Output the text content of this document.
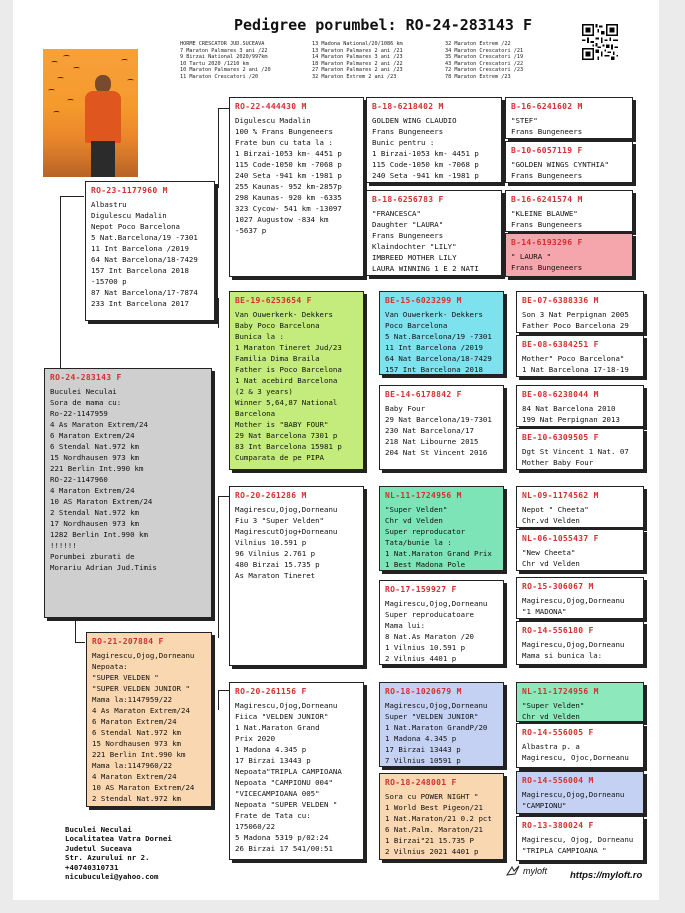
Pedigree porumbel: RO-24-283143 F
HORME CRESCATOR JUD.SUCEAVA
7 Maraton Palmares 3 ani /22
9 Birzai National 2020/997km
10 Tartu 2020 /1210 km
10 Maraton Palmares 2 ani /20
11 Maraton Crescatori /20
13 Madona National/20/1086 km
13 Maraton Palmares 2 ani /21
14 Maraton Palmares 3 ani /23
18 Maraton Palmares 2 ani /22
27 Maraton Palmares 2 ani /23
32 Maraton Extrem 2 ani /23
32 Maraton Extrem /22
34 Maraton Crescatori /21
35 Maraton Crescatori /19
43 Maraton Crescatori /22
72 Maraton Crescatori /23
78 Maraton Extrem /23
RO-22-444430 M
Digulescu Madalin
100 % Frans Bungeneers
Frate bun cu tata la :
1 Birzai-1053 km- 4451 p
115 Code-1050 km -7068 p
240 Seta -941 km -1981 p
255 Kaunas- 952 km-2857p
298 Kaunas- 920 km -6335
323 Cycow- 541 km -13097
1027 Augustow -834 km
-5637 p
B-18-6218402 M
GOLDEN WING CLAUDIO
Frans Bungeneers
Bunic pentru :
1 Birzai-1053 km- 4451 p
115 Code-1050 km -7068 p
240 Seta -941 km -1981 p
B-16-6241602 M
"STEF"
Frans Bungeneers
B-10-6057119 F
"GOLDEN WINGS CYNTHIA"
Frans Bungeneers
B-18-6256783 F
"FRANCESCA"
Daughter "LAURA"
Frans Bungeneers
Klaindochter "LILY"
IMBREED MOTHER LILY
LAURA WINNING 1 E 2 NATI
B-16-6241574 M
"KLEINE BLAUWE"
Frans Bungeneers
B-14-6193296 F
" LAURA "
Frans Bungeneers
RO-23-1177960 M
Albastru
Digulescu Madalin
Nepot Poco Barcelona
5 Nat.Barcelona/19 -7301
11 Int Barcelona /2019
64 Nat Barcelona/18-7429
157 Int Barcelona 2018
-15700 p
87 Nat Barcelona/17-7874
233 Int Barcelona 2017	BE-19-6253654 F
Van Ouwerkerk- Dekkers
Baby Poco Barcelona
Bunica la :
1 Maraton Tineret Jud/23
Familia Dima Braila
Father is Poco Barcelona
1 Nat acebird Barcelona
(2 & 3 years)
Winner 5,64,87 National
Barcelona
Mother is "BABY FOUR"
29 Nat Barcelona 7301 p
83 Int Barcelona 15981 p
Cumparata de pe PIPA
BE-15-6023299 M
Van Ouwerkerk- Dekkers
Poco Barcelona
5 Nat.Barcelona/19 -7301
11 Int Barcelona /2019
64 Nat Barcelona/18-7429
157 Int Barcelona 2018
BE-07-6388336 M
Son 3 Nat Perpignan 2005
Father Poco Barcelona 29
BE-08-6384251 F
Mother" Poco Barcelona"
1 Nat Barcelona 17-18-19
BE-14-6178842 F
Baby Four
29 Nat Barcelona/19-7301
230 Nat Barcelona/17
218 Nat Libourne 2015
204 Nat St Vincent 2016
BE-08-6238044 M
84 Nat Barcelona 2010
199 Nat Perpignan 2013
BE-10-6309505 F
Dgt St Vincent 1 Nat. 07
Mother Baby Four
RO-24-283143 F
Buculei Neculai
Sora de mama cu:
Ro-22-1147959
4 As Maraton Extrem/24
6 Maraton Extrem/24
6 Stendal Nat.972 km
15 Nordhausen 973 km
221 Berlin Int.990 km
RO-22-1147960
4 Maraton Extrem/24
10 AS Maraton Extrem/24
2 Stendal Nat.972 km
17 Nordhausen 973 km
1282 Berlin Int.990 km
!!!!!!
Porumbei zburati de
Morariu Adrian Jud.Timis
RO-20-261286 M
Magirescu,Ojog,Dorneanu
Fiu 3 "Super Velden"
MagirescutOjog+Dorneanu
Vilnius 10.591 p
96 Vilnius 2.761 p
480 Birzai 15.735 p
As Maraton Tineret
NL-11-1724956 M
"Super Velden"
Chr vd Velden
Super reproducator
Tata/bunie la :
1 Nat.Maraton Grand Prix
1 Best Madona Pole
NL-09-1174562 M
Nepot " Cheeta"
Chr.vd Velden
NL-06-1055437 F
"New Cheeta"
Chr vd Velden
RO-17-159927 F
Magirescu,Ojog,Dorneanu
Super reproducatoare
Mama lui:
8 Nat.As Maraton /20
1 Vilnius 10.591 p
2 Vilnius 4401 p
RO-15-306067 M
Magirescu,Ojog,Dorneanu
"1 MADONA"
RO-14-556180 F
Magirescu,Ojog,Dorneanu
Mama si bunica la:
RO-21-207884 F
Magirescu,Ojog,Dorneanu
Nepoata:
"SUPER VELDEN "
"SUPER VELDEN JUNIOR "
Mama la:1147959/22
4 As Maraton Extrem/24
6 Maraton Extrem/24
6 Stendal Nat.972 km
15 Nordhausen 973 km
221 Berlin Int.990 km
Mama la:1147960/22
4 Maraton Extrem/24
10 AS Maraton Extrem/24
2 Stendal Nat.972 km
RO-20-261156 F
Magirescu,Ojog,Dorneanu
Fiica "VELDEN JUNIOR"
1 Nat.Maraton Grand
Prix 2020
1 Madona 4.345 p
17 Birzai 13443 p
Nepoata"TRIPLA CAMPIOANA
Nepoata "CAMPIONU 004"
"VICECAMPIOANA 005"
Nepoata "SUPER VELDEN "
Frate de Tata cu:
175060/22
5 Madona 5319 p/02:24
26 Birzai 17 541/00:51
RO-18-1020679 M
Magirescu,Ojog,Dorneanu
Super "VELDEN JUNIOR"
1 Nat.Maraton GrandP/20
1 Madona 4.345 p
17 Birzai 13443 p
7 Vilnius 10591 p
NL-11-1724956 M
"Super Velden"
Chr vd Velden
RO-14-556005 F
Albastra p. a
Magirescu, Ojoc,Dorneanu
RO-18-248001 F
Sora cu POWER NIGHT "
1 World Best Pigeon/21
1 Nat.Maraton/21 0.2 pct
6 Nat.Palm. Maraton/21
1 Birzai"21 15.735 P
2 Vilnius 2021 4401 p
RO-14-556004 M
Magirescu,Ojog,Dorneanu
"CAMPIONU"
RO-13-380024 F
Magirescu, Ojog, Dorneanu
"TRIPLA CAMPIOANA "
Buculei Neculai
Localitatea Vatra Dornei
Judetul Suceava
Str. Azurului nr 2.
+40740310731
nicubuculei@yahoo.com
myloft https://myloft.ro
